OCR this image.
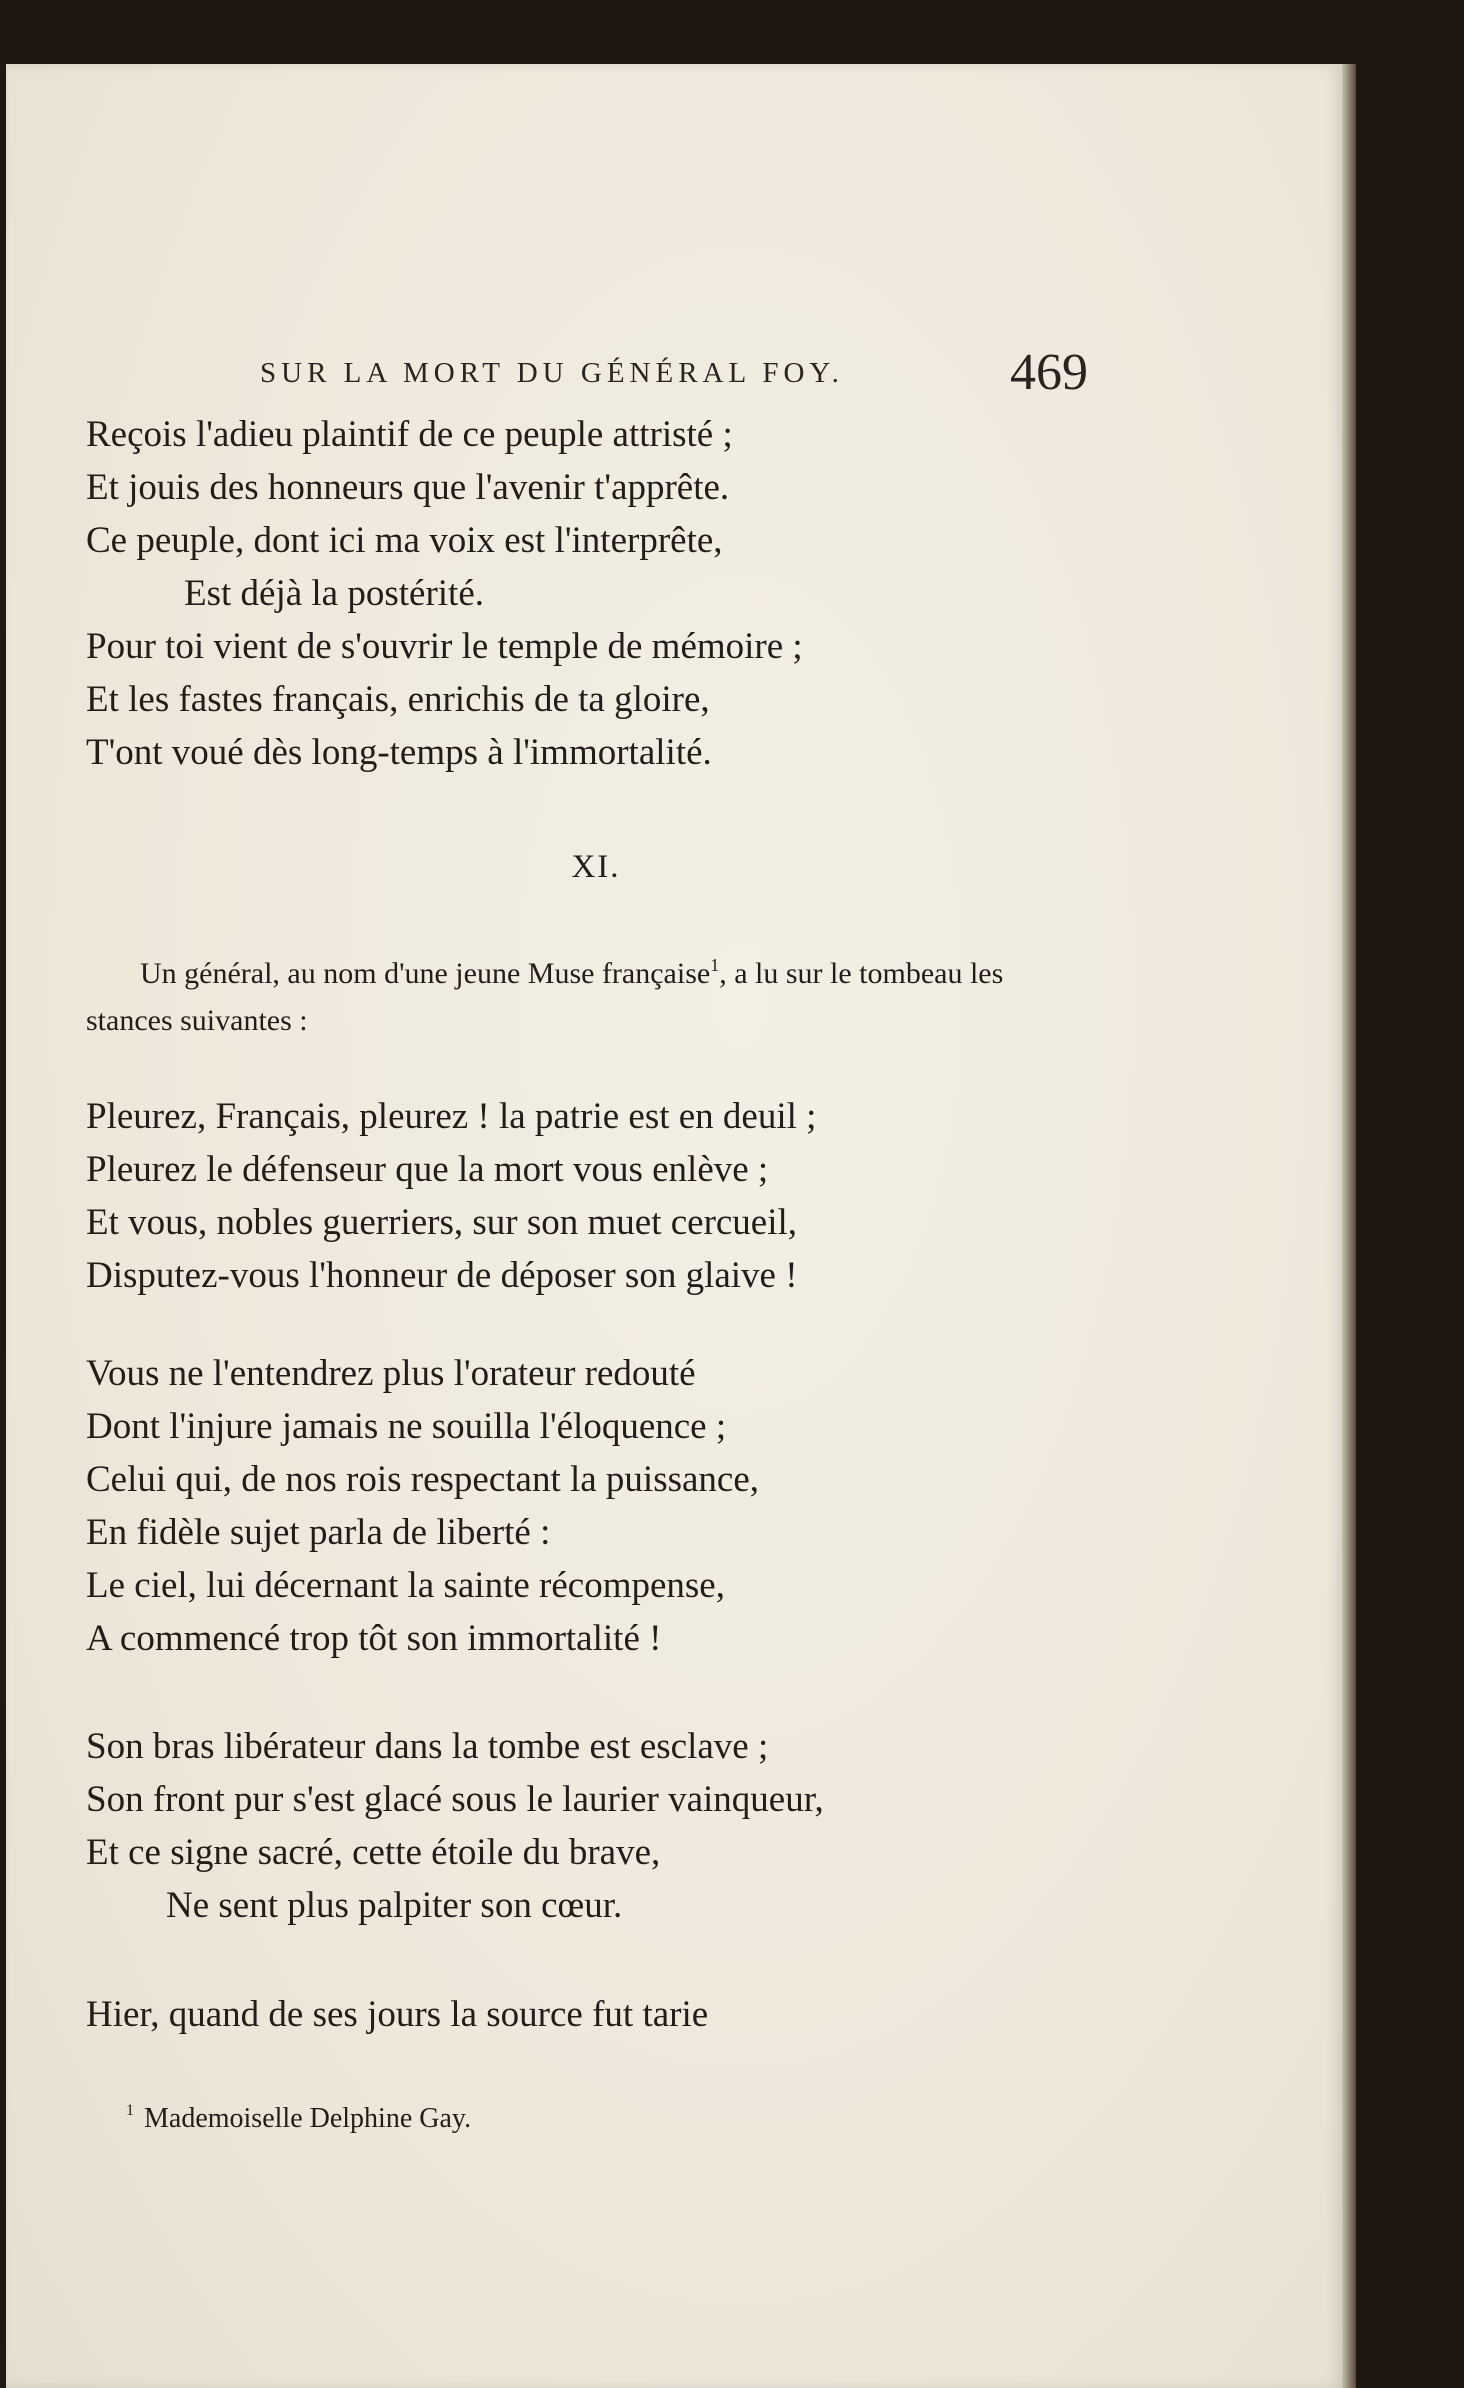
SUR LA MORT DU GÉNÉRAL FOY.	469
Reçois l'adieu plaintif de ce peuple attristé ;
Et jouis des honneurs que l'avenir t'apprête.
Ce peuple, dont ici ma voix est l'interprête,
Est déjà la postérité.
Pour toi vient de s'ouvrir le temple de mémoire ;
Et les fastes français, enrichis de ta gloire,
T'ont voué dès long-temps à l'immortalité.
XI.
Un général, au nom d'une jeune Muse française$^1$, a lu sur le tombeau les stances suivantes :
Pleurez, Français, pleurez ! la patrie est en deuil ;
Pleurez le défenseur que la mort vous enlève ;
Et vous, nobles guerriers, sur son muet cercueil,
Disputez-vous l'honneur de déposer son glaive !
Vous ne l'entendrez plus l'orateur redouté
Dont l'injure jamais ne souilla l'éloquence ;
Celui qui, de nos rois respectant la puissance,
En fidèle sujet parla de liberté :
Le ciel, lui décernant la sainte récompense,
A commencé trop tôt son immortalité !
Son bras libérateur dans la tombe est esclave ;
Son front pur s'est glacé sous le laurier vainqueur,
Et ce signe sacré, cette étoile du brave,
Ne sent plus palpiter son cœur.
Hier, quand de ses jours la source fut tarie
$^1$ Mademoiselle Delphine Gay.
